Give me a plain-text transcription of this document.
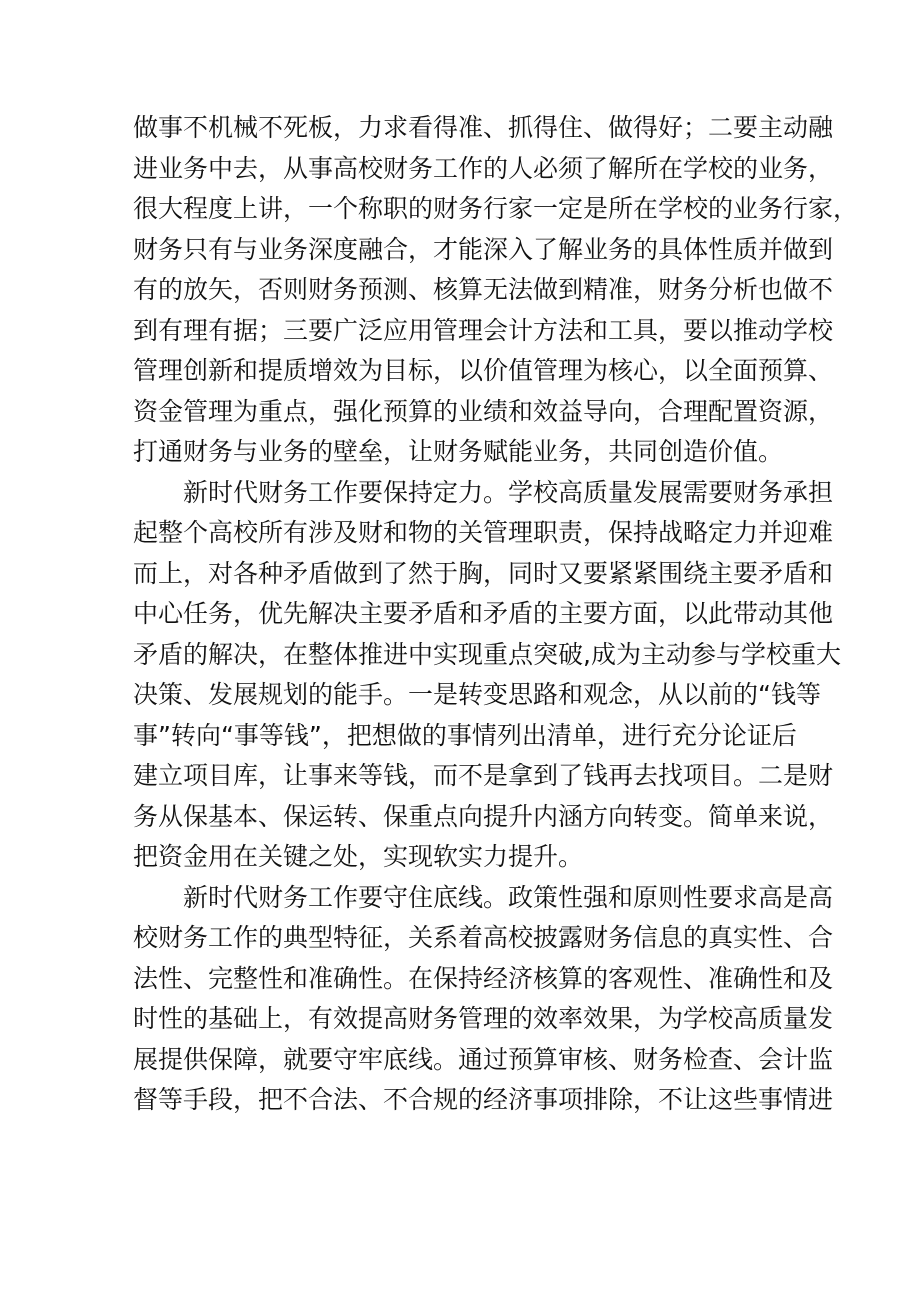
做事不机械不死板，力求看得准、抓得住、做得好；二要主动融
进业务中去，从事高校财务工作的人必须了解所在学校的业务，
很大程度上讲，一个称职的财务行家一定是所在学校的业务行家，
财务只有与业务深度融合，才能深入了解业务的具体性质并做到
有的放矢，否则财务预测、核算无法做到精准，财务分析也做不
到有理有据；三要广泛应用管理会计方法和工具，要以推动学校
管理创新和提质增效为目标，以价值管理为核心，以全面预算、
资金管理为重点，强化预算的业绩和效益导向，合理配置资源，
打通财务与业务的壁垒，让财务赋能业务，共同创造价值。

新时代财务工作要保持定力。学校高质量发展需要财务承担
起整个高校所有涉及财和物的关管理职责，保持战略定力并迎难
而上，对各种矛盾做到了然于胸，同时又要紧紧围绕主要矛盾和
中心任务，优先解决主要矛盾和矛盾的主要方面，以此带动其他
矛盾的解决，在整体推进中实现重点突破,成为主动参与学校重大
决策、发展规划的能手。一是转变思路和观念，从以前的“钱等
事”转向“事等钱”，把想做的事情列出清单，进行充分论证后
建立项目库，让事来等钱，而不是拿到了钱再去找项目。二是财
务从保基本、保运转、保重点向提升内涵方向转变。简单来说，
把资金用在关键之处，实现软实力提升。

新时代财务工作要守住底线。政策性强和原则性要求高是高
校财务工作的典型特征，关系着高校披露财务信息的真实性、合
法性、完整性和准确性。在保持经济核算的客观性、准确性和及
时性的基础上，有效提高财务管理的效率效果，为学校高质量发
展提供保障，就要守牢底线。通过预算审核、财务检查、会计监
督等手段，把不合法、不合规的经济事项排除，不让这些事情进
